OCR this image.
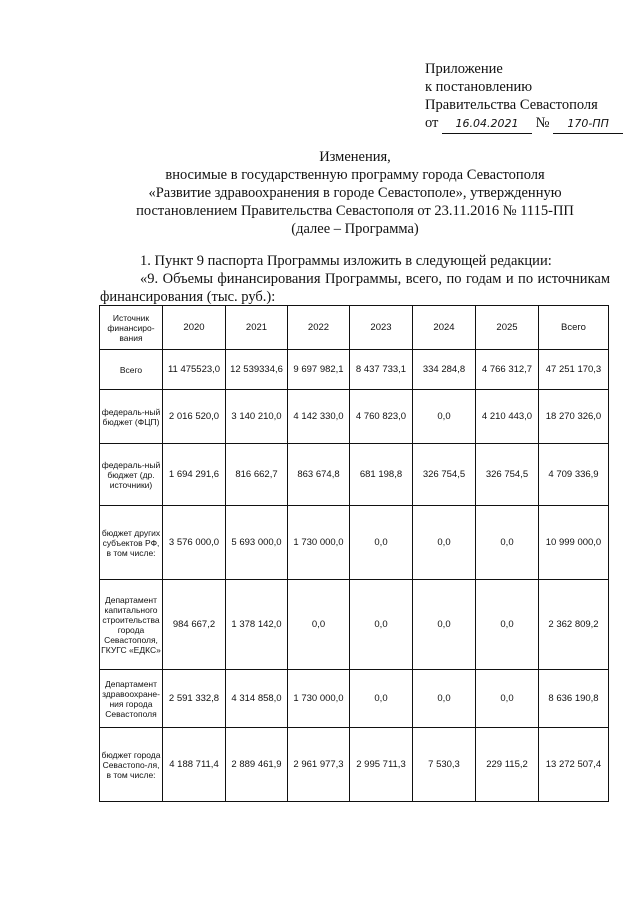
Приложение
к постановлению
Правительства Севастополя
от 16.04.2021 № 170-ПП
Изменения,
вносимые в государственную программу города Севастополя
«Развитие здравоохранения в городе Севастополе», утвержденную
постановлением Правительства Севастополя от 23.11.2016 № 1115-ПП
(далее – Программа)
1. Пункт 9 паспорта Программы изложить в следующей редакции:
«9. Объемы финансирования Программы, всего, по годам и по источникам финансирования (тыс. руб.):
Источник финансиро-вания	2020	2021	2022	2023	2024	2025	Всего
Всего	11 475523,0	12 539334,6	9 697 982,1	8 437 733,1	334 284,8	4 766 312,7	47 251 170,3
федераль-ный бюджет (ФЦП)	2 016 520,0	3 140 210,0	4 142 330,0	4 760 823,0	0,0	4 210 443,0	18 270 326,0
федераль-ный бюджет (др. источники)	1 694 291,6	816 662,7	863 674,8	681 198,8	326 754,5	326 754,5	4 709 336,9
бюджет других субъектов РФ, в том числе:	3 576 000,0	5 693 000,0	1 730 000,0	0,0	0,0	0,0	10 999 000,0
Департамент капитального строительства города Севастополя, ГКУГС «ЕДКС»	984 667,2	1 378 142,0	0,0	0,0	0,0	0,0	2 362 809,2
Департамент здравоохране-ния города Севастополя	2 591 332,8	4 314 858,0	1 730 000,0	0,0	0,0	0,0	8 636 190,8
бюджет города Севастопо-ля, в том числе:	4 188 711,4	2 889 461,9	2 961 977,3	2 995 711,3	7 530,3	229 115,2	13 272 507,4
